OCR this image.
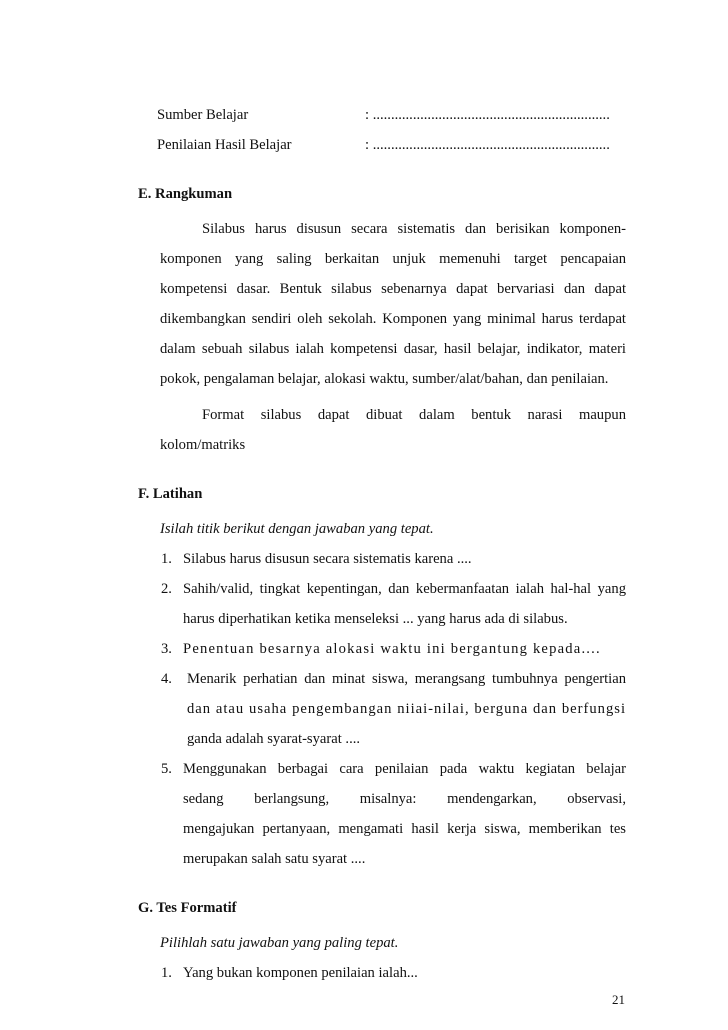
Sumber Belajar	: .................................................................
Penilaian Hasil Belajar	: .................................................................
E. Rangkuman
Silabus harus disusun secara sistematis dan berisikan komponen-
komponen yang saling berkaitan unjuk memenuhi target pencapaian
kompetensi dasar. Bentuk silabus sebenarnya dapat bervariasi dan dapat
dikembangkan sendiri oleh sekolah. Komponen yang minimal harus terdapat
dalam sebuah silabus ialah kompetensi dasar, hasil belajar, indikator, materi
pokok, pengalaman belajar, alokasi waktu, sumber/alat/bahan, dan penilaian.
Format silabus dapat dibuat dalam bentuk narasi maupun
kolom/matriks
F. Latihan
Isilah titik berikut dengan jawaban yang tepat.
1. Silabus harus disusun secara sistematis karena ....
2. Sahih/valid, tingkat kepentingan, dan kebermanfaatan ialah hal-hal yang
harus diperhatikan ketika menseleksi ... yang harus ada di silabus.
3. Penentuan besarnya alokasi waktu ini bergantung kepada....
4. Menarik perhatian dan minat siswa, merangsang tumbuhnya pengertian
dan atau usaha pengembangan niiai-nilai, berguna dan berfungsi
ganda adalah syarat-syarat ....
5. Menggunakan berbagai cara penilaian pada waktu kegiatan belajar
sedang berlangsung, misalnya: mendengarkan, observasi,
mengajukan pertanyaan, mengamati hasil kerja siswa, memberikan tes
merupakan salah satu syarat ....
G. Tes Formatif
Pilihlah satu jawaban yang paling tepat.
1. Yang bukan komponen penilaian ialah...
21
